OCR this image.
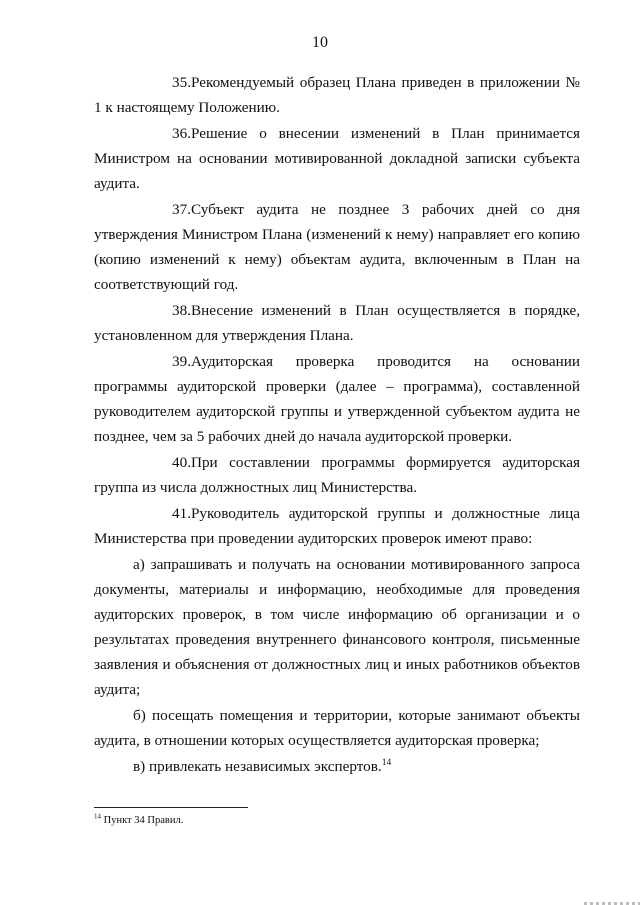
10

35.Рекомендуемый образец Плана приведен в приложении № 1 к настоящему Положению.

36.Решение о внесении изменений в План принимается Министром на основании мотивированной докладной записки субъекта аудита.

37.Субъект аудита не позднее 3 рабочих дней со дня утверждения Министром Плана (изменений к нему) направляет его копию (копию изменений к нему) объектам аудита, включенным в План на соответствующий год.

38.Внесение изменений в План осуществляется в порядке, установленном для утверждения Плана.

39.Аудиторская проверка проводится на основании программы аудиторской проверки (далее – программа), составленной руководителем аудиторской группы и утвержденной субъектом аудита не позднее, чем за 5 рабочих дней до начала аудиторской проверки.

40.При составлении программы формируется аудиторская группа из числа должностных лиц Министерства.

41.Руководитель аудиторской группы и должностные лица Министерства при проведении аудиторских проверок имеют право:

а) запрашивать и получать на основании мотивированного запроса документы, материалы и информацию, необходимые для проведения аудиторских проверок, в том числе информацию об организации и о результатах проведения внутреннего финансового контроля, письменные заявления и объяснения от должностных лиц и иных работников объектов аудита;

б) посещать помещения и территории, которые занимают объекты аудита, в отношении которых осуществляется аудиторская проверка;

в) привлекать независимых экспертов.$^{14}$

$^{14}$ Пункт 34 Правил.
